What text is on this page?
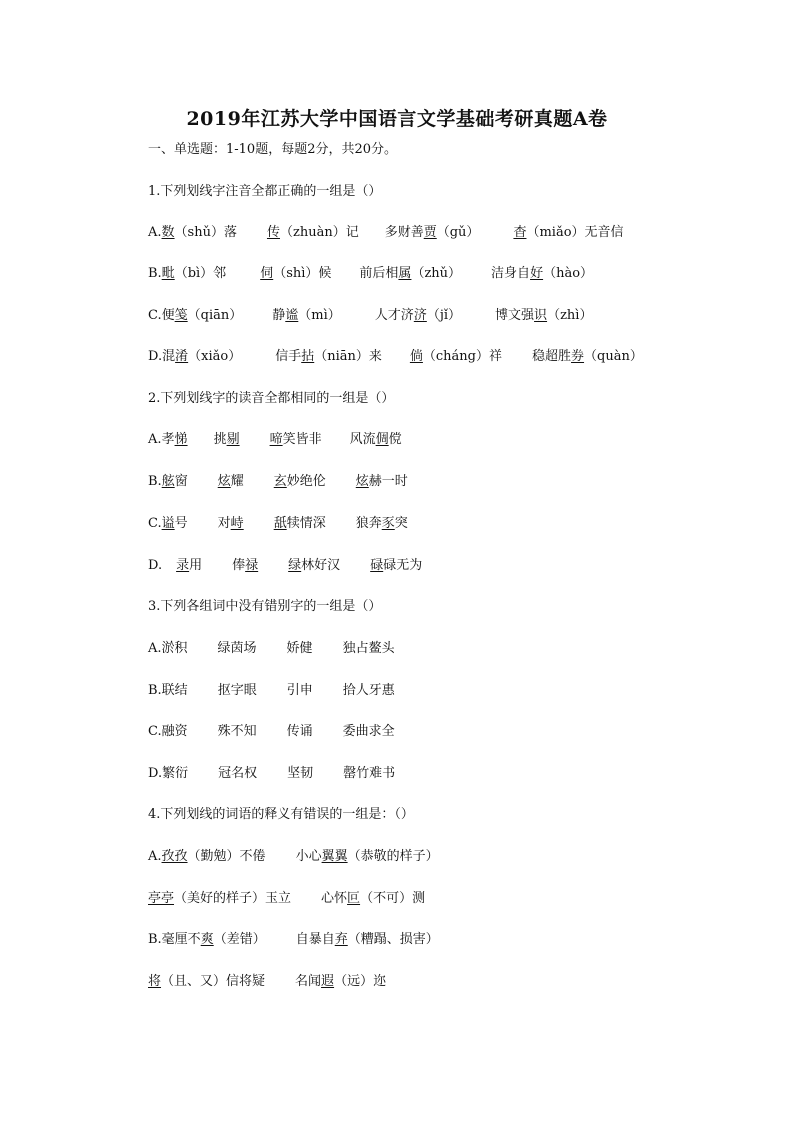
2019年江苏大学中国语言文学基础考研真题A卷
一、单选题：1-10题，每题2分，共20分。
1.下列划线字注音全都正确的一组是（）
A.数（shǔ）落 传（zhuàn）记 多财善贾（gǔ）	杳（miǎo）无音信
B.毗（bì）邻	伺（shì）候 前后相属（zhǔ） 洁身自好（hào）
C.便笺（qiān） 静谧（mì）	人才济济（jǐ）	博文强识（zhì）
D.混淆（xiǎo）	信手拈（niān）来 倘（cháng）祥 稳超胜券（quàn）
2.下列划线字的读音全都相同的一组是（）
A.孝悌 挑剔 啼笑皆非 风流倜傥
B.舷窗 炫耀 玄妙绝伦 炫赫一时
C.谥号 对峙 舐犊情深 狼奔豕突
D. 录用 俸禄 绿林好汉 碌碌无为
3.下列各组词中没有错别字的一组是（）
A.淤积 绿茵场 娇健 独占鳌头
B.联结 抠字眼 引申 拾人牙惠
C.融资 殊不知 传诵 委曲求全
D.繁衍 冠名权 坚韧 罄竹难书
4.下列划线的词语的释义有错误的一组是：（）
A.孜孜（勤勉）不倦 小心翼翼（恭敬的样子）
亭亭（美好的样子）玉立 心怀叵（不可）测
B.毫厘不爽（差错） 自暴自弃（糟蹋、损害）
将（且、又）信将疑 名闻遐（远）迩
